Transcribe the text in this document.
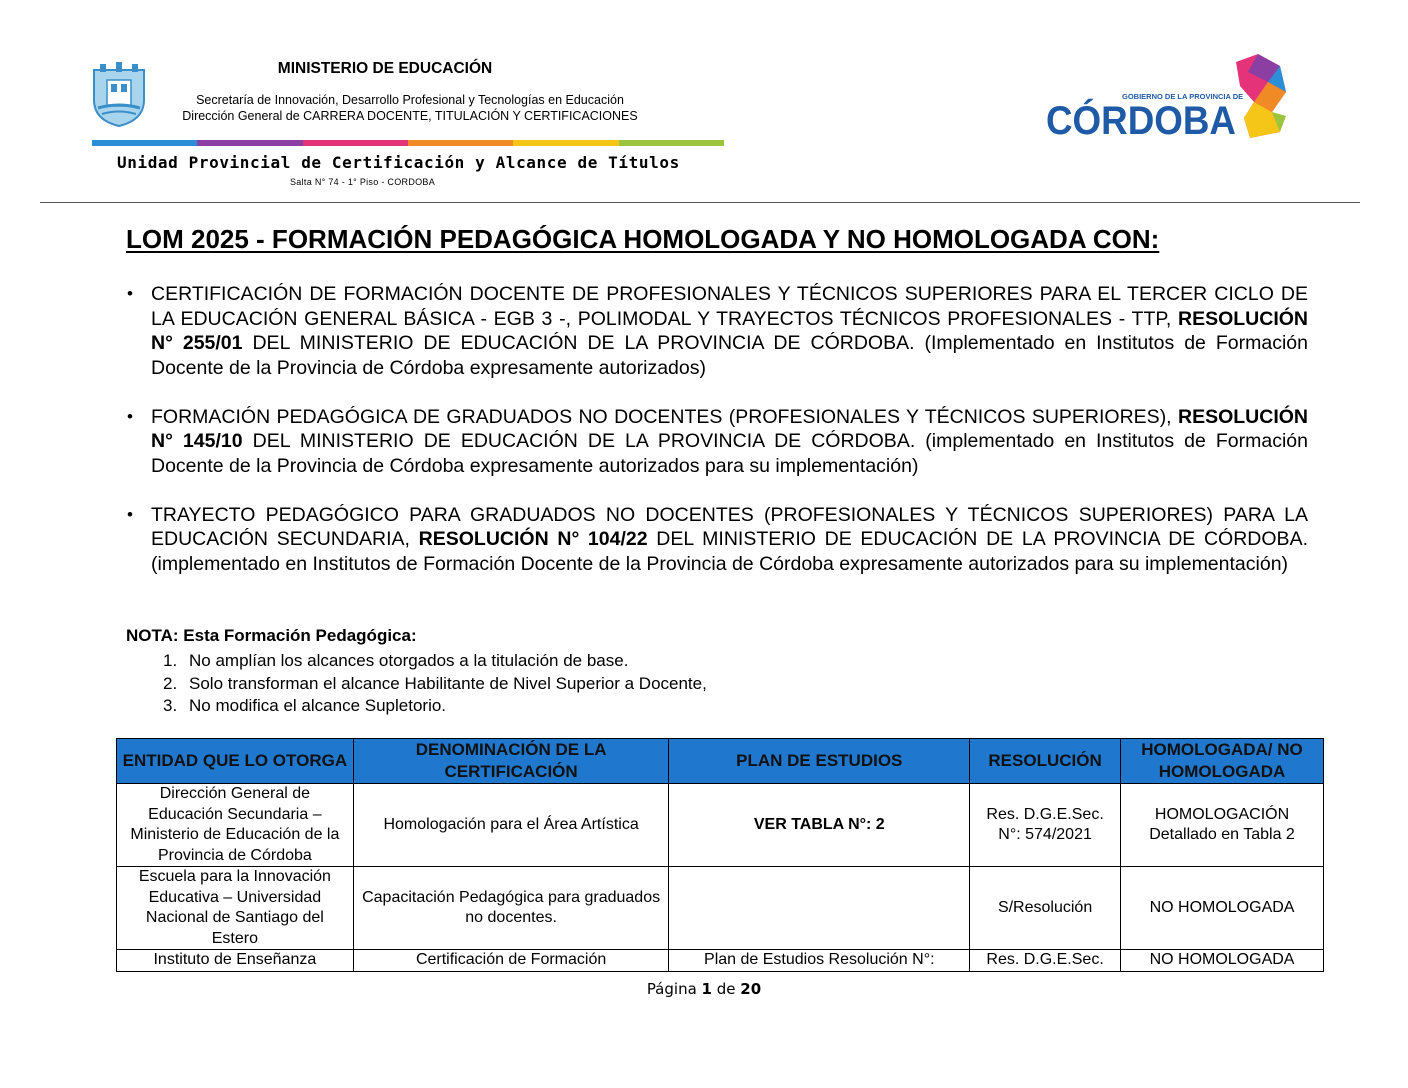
MINISTERIO DE EDUCACIÓN
Secretaría de Innovación, Desarrollo Profesional y Tecnologías en Educación
Dirección General de CARRERA DOCENTE, TITULACIÓN Y CERTIFICACIONES
Unidad Provincial de Certificación y Alcance de Títulos
Salta N° 74 - 1° Piso - CORDOBA
GOBIERNO DE LA PROVINCIA DE
CÓRDOBA
LOM 2025 - FORMACIÓN PEDAGÓGICA HOMOLOGADA Y NO HOMOLOGADA CON:
• CERTIFICACIÓN DE FORMACIÓN DOCENTE DE PROFESIONALES Y TÉCNICOS SUPERIORES PARA EL TERCER CICLO DE LA EDUCACIÓN GENERAL BÁSICA - EGB 3 -, POLIMODAL Y TRAYECTOS TÉCNICOS PROFESIONALES - TTP, RESOLUCIÓN N° 255/01 DEL MINISTERIO DE EDUCACIÓN DE LA PROVINCIA DE CÓRDOBA. (Implementado en Institutos de Formación Docente de la Provincia de Córdoba expresamente autorizados)
• FORMACIÓN PEDAGÓGICA DE GRADUADOS NO DOCENTES (PROFESIONALES Y TÉCNICOS SUPERIORES), RESOLUCIÓN N° 145/10 DEL MINISTERIO DE EDUCACIÓN DE LA PROVINCIA DE CÓRDOBA. (implementado en Institutos de Formación Docente de la Provincia de Córdoba expresamente autorizados para su implementación)
• TRAYECTO PEDAGÓGICO PARA GRADUADOS NO DOCENTES (PROFESIONALES Y TÉCNICOS SUPERIORES) PARA LA EDUCACIÓN SECUNDARIA, RESOLUCIÓN N° 104/22 DEL MINISTERIO DE EDUCACIÓN DE LA PROVINCIA DE CÓRDOBA. (implementado en Institutos de Formación Docente de la Provincia de Córdoba expresamente autorizados para su implementación)
NOTA: Esta Formación Pedagógica:
1. No amplían los alcances otorgados a la titulación de base.
2. Solo transforman el alcance Habilitante de Nivel Superior a Docente,
3. No modifica el alcance Supletorio.
ENTIDAD QUE LO OTORGA	DENOMINACIÓN DE LA CERTIFICACIÓN	PLAN DE ESTUDIOS	RESOLUCIÓN	HOMOLOGADA/ NO HOMOLOGADA
Dirección General de Educación Secundaria – Ministerio de Educación de la Provincia de Córdoba	Homologación para el Área Artística	VER TABLA N°: 2	Res. D.G.E.Sec. N°: 574/2021	HOMOLOGACIÓN Detallado en Tabla 2
Escuela para la Innovación Educativa – Universidad Nacional de Santiago del Estero	Capacitación Pedagógica para graduados no docentes.		S/Resolución	NO HOMOLOGADA
Instituto de Enseñanza	Certificación de Formación	Plan de Estudios Resolución N°:	Res. D.G.E.Sec.	NO HOMOLOGADA
Página 1 de 20
